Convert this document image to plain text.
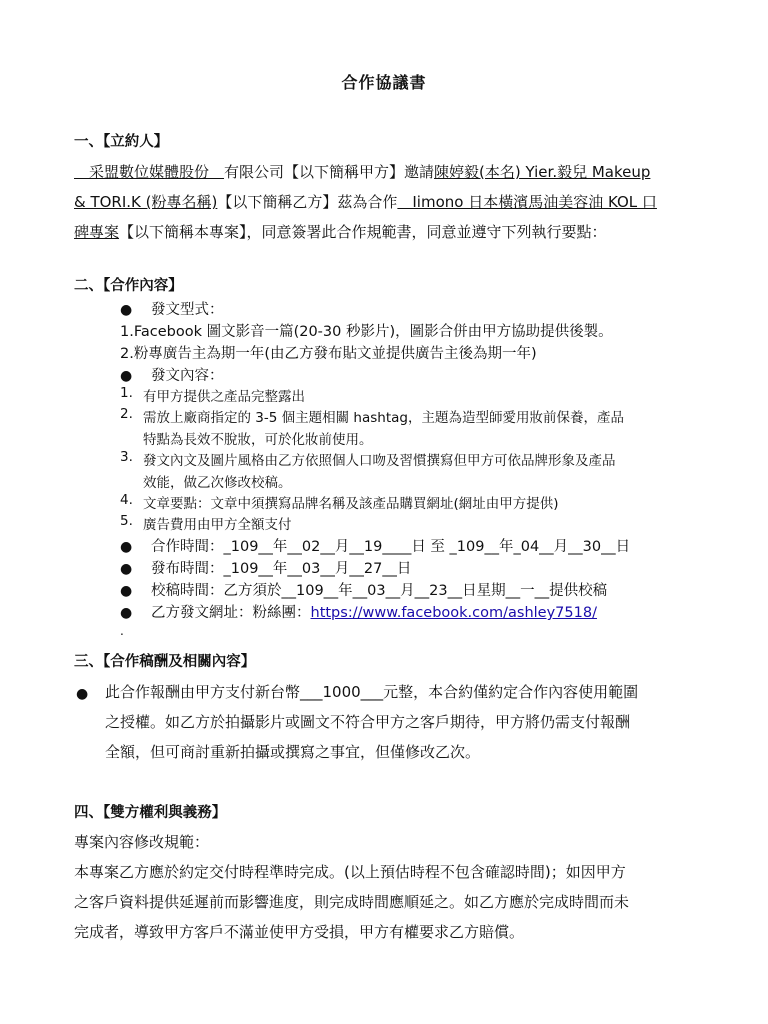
合作協議書
一、【立約人】
　采盟數位媒體股份　有限公司【以下簡稱甲方】邀請陳婷毅(本名) Yier.毅兒 Makeup
& TORI.K (粉專名稱)【以下簡稱乙方】茲為合作　Iimono 日本橫濱馬油美容油 KOL 口
碑專案【以下簡稱本專案】，同意簽署此合作規範書，同意並遵守下列執行要點：
二、【合作內容】
● 發文型式：
1.Facebook 圖文影音一篇(20-30 秒影片)，圖影合併由甲方協助提供後製。
2.粉專廣告主為期一年(由乙方發布貼文並提供廣告主後為期一年)
● 發文內容：
1. 有甲方提供之產品完整露出
2. 需放上廠商指定的 3-5 個主題相關 hashtag，主題為造型師愛用妝前保養，產品
特點為長效不脫妝，可於化妝前使用。
3. 發文內文及圖片風格由乙方依照個人口吻及習慣撰寫但甲方可依品牌形象及產品
效能，做乙次修改校稿。
4. 文章要點：文章中須撰寫品牌名稱及該產品購買網址(網址由甲方提供)
5. 廣告費用由甲方全額支付
● 合作時間：_109__年__02__月__19____日 至 _109__年_04__月__30__日
● 發布時間：_109__年__03__月__27__日
● 校稿時間：乙方須於__109__年__03__月__23__日星期__一__提供校稿
● 乙方發文網址：粉絲團：https://www.facebook.com/ashley7518/
.
三、【合作稿酬及相關內容】
● 此合作報酬由甲方支付新台幣___1000___元整，本合約僅約定合作內容使用範圍
之授權。如乙方於拍攝影片或圖文不符合甲方之客戶期待，甲方將仍需支付報酬
全額，但可商討重新拍攝或撰寫之事宜，但僅修改乙次。
四、【雙方權利與義務】
專案內容修改規範：
本專案乙方應於約定交付時程準時完成。(以上預估時程不包含確認時間)；如因甲方
之客戶資料提供延遲前而影響進度，則完成時間應順延之。如乙方應於完成時間而未
完成者，導致甲方客戶不滿並使甲方受損，甲方有權要求乙方賠償。
